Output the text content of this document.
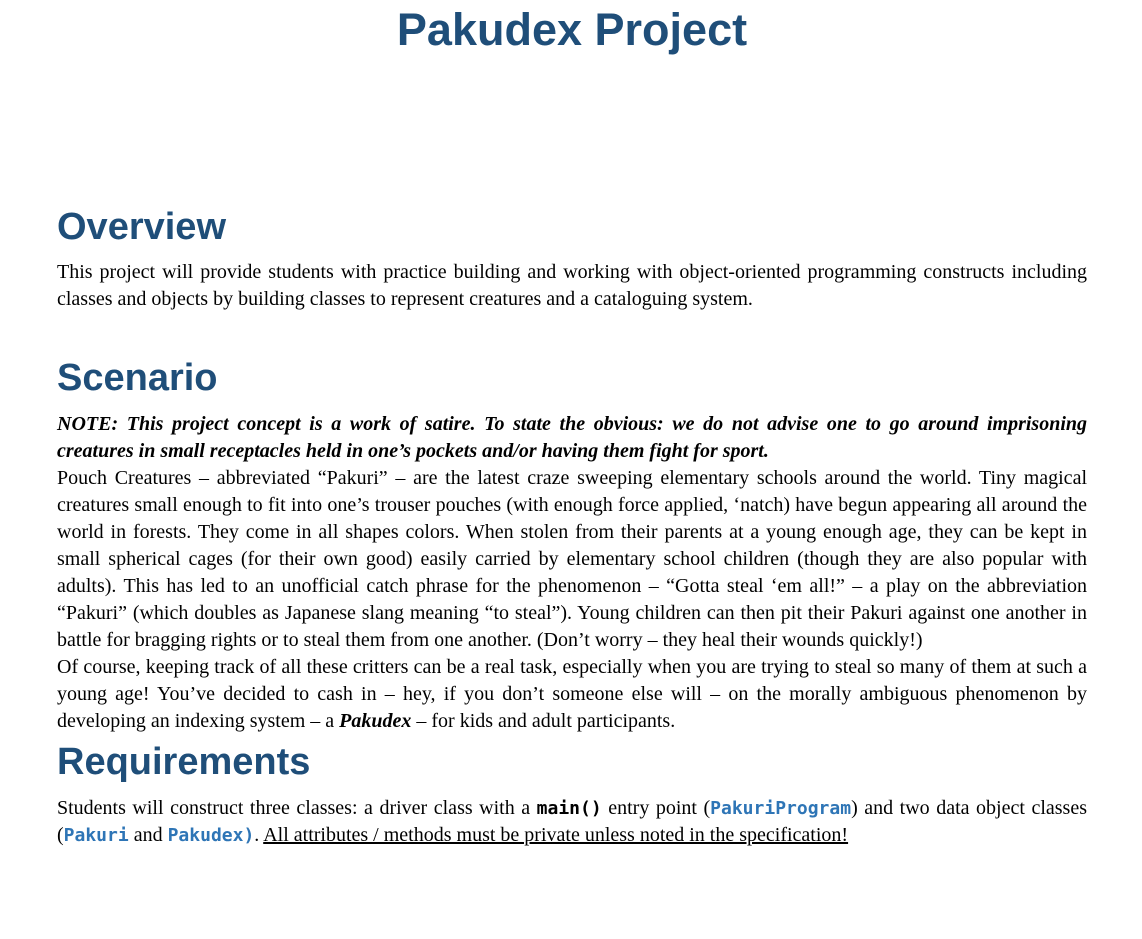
Pakudex Project
Overview

This project will provide students with practice building and working with object-oriented programming constructs including classes and objects by building classes to represent creatures and a cataloguing system.

Scenario

NOTE: This project concept is a work of satire. To state the obvious: we do not advise one to go around imprisoning creatures in small receptacles held in one’s pockets and/or having them fight for sport.

Pouch Creatures – abbreviated “Pakuri” – are the latest craze sweeping elementary schools around the world. Tiny magical creatures small enough to fit into one’s trouser pouches (with enough force applied, ‘natch) have begun appearing all around the world in forests. They come in all shapes colors. When stolen from their parents at a young enough age, they can be kept in small spherical cages (for their own good) easily carried by elementary school children (though they are also popular with adults). This has led to an unofficial catch phrase for the phenomenon – “Gotta steal ‘em all!” – a play on the abbreviation “Pakuri” (which doubles as Japanese slang meaning “to steal”). Young children can then pit their Pakuri against one another in battle for bragging rights or to steal them from one another. (Don’t worry – they heal their wounds quickly!)

Of course, keeping track of all these critters can be a real task, especially when you are trying to steal so many of them at such a young age! You’ve decided to cash in – hey, if you don’t someone else will – on the morally ambiguous phenomenon by developing an indexing system – a Pakudex – for kids and adult participants.

Requirements

Students will construct three classes: a driver class with a main() entry point (PakuriProgram) and two data object classes (Pakuri and Pakudex). All attributes / methods must be private unless noted in the specification!
